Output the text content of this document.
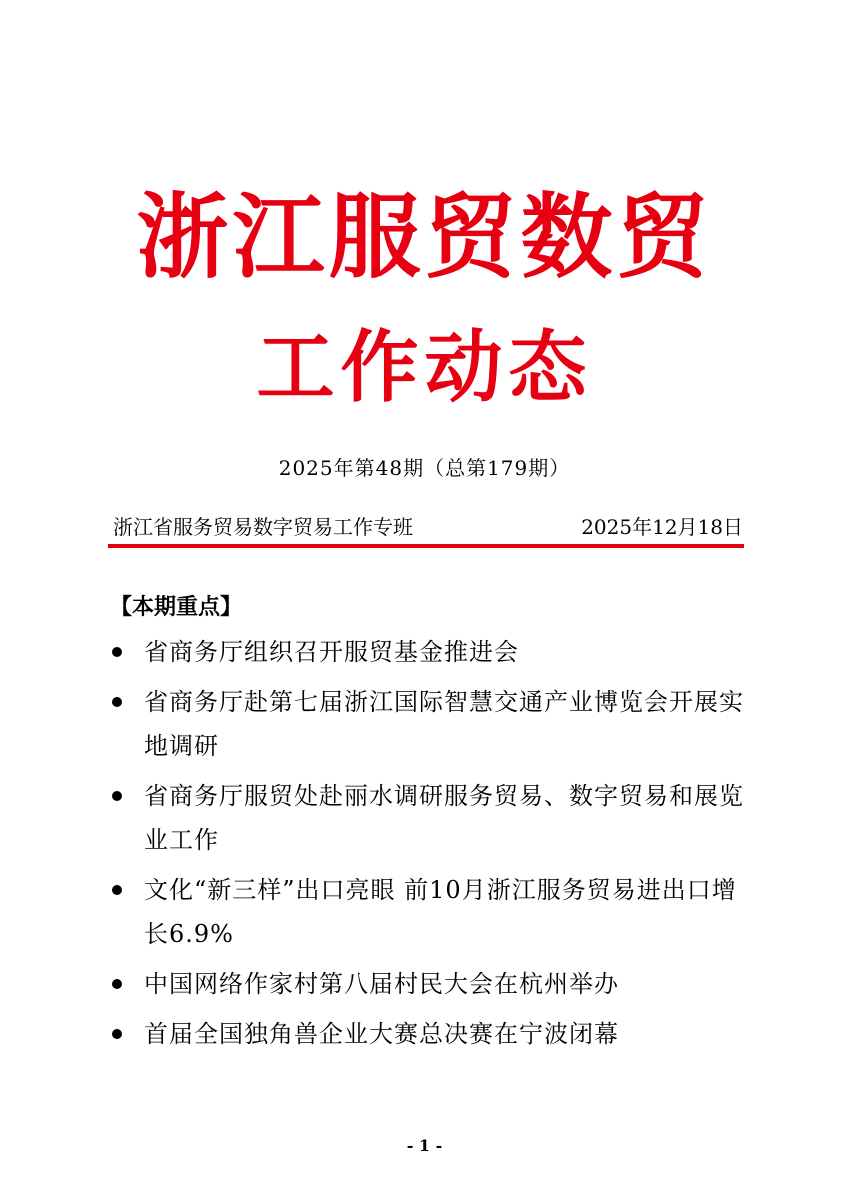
浙江服贸数贸
工作动态
2025年第48期（总第179期）
浙江省服务贸易数字贸易工作专班	2025年12月18日
【本期重点】
省商务厅组织召开服贸基金推进会
省商务厅赴第七届浙江国际智慧交通产业博览会开展实地调研
省商务厅服贸处赴丽水调研服务贸易、数字贸易和展览业工作
文化“新三样”出口亮眼 前10月浙江服务贸易进出口增长6.9%
中国网络作家村第八届村民大会在杭州举办
首届全国独角兽企业大赛总决赛在宁波闭幕
- 1 -
